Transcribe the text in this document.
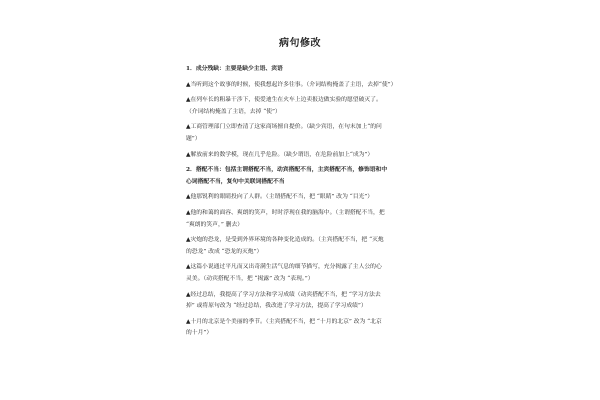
病句修改
1．成分残缺：主要是缺少主语、宾语
▲当听到这个故事的时候，使我想起许多往事。（介词结构掩盖了主语，去掉“使”）
▲在列车长的粗暴干涉下，使爱迪生在火车上边卖报边做实验的愿望破灭了。
（介词结构掩盖了主语，去掉 “使”）
▲工商管理部门立即查清了这家商场擅自提价。（缺少宾语，在句末加上“的问
题”）
▲解放前来的数学模，现在几乎危险。（缺少谓语，在危险前加上“成为”）
2．搭配不当：包括主谓搭配不当，动宾搭配不当，主宾搭配不当，修饰语和中
心词搭配不当，复句中关联词搭配不当
▲他那锐利的眼睛投向了人群。（主谓搭配不当，把 “眼睛” 改为 “目光”）
▲他的和蔼的面容、爽朗的笑声，时时浮现在我的脑海中。（主谓搭配不当，把
“爽朗的笑声，” 删去）
▲灾炮的恐龙，是受到外界环境的各种变化造成的。（主宾搭配不当，把 “灭炮
的恐龙” 改成 “恐龙的灭炮”）
▲这篇小说通过平凡而又出奇满生活气息的细节描写，充分揭露了主人公的心
灵美。（动宾搭配不当，把 “揭露” 改为 “表现。”）
▲经过总结，我提高了学习方法和学习成绩（动宾搭配不当，把 “学习方法去
掉” 或将原句改为 “经过总结，我改进了学习方法，提高了学习成绩”）
▲十月的北京是个美丽的季节。（主宾搭配不当，把 “十月的北京” 改为 “北京
的十月”）
